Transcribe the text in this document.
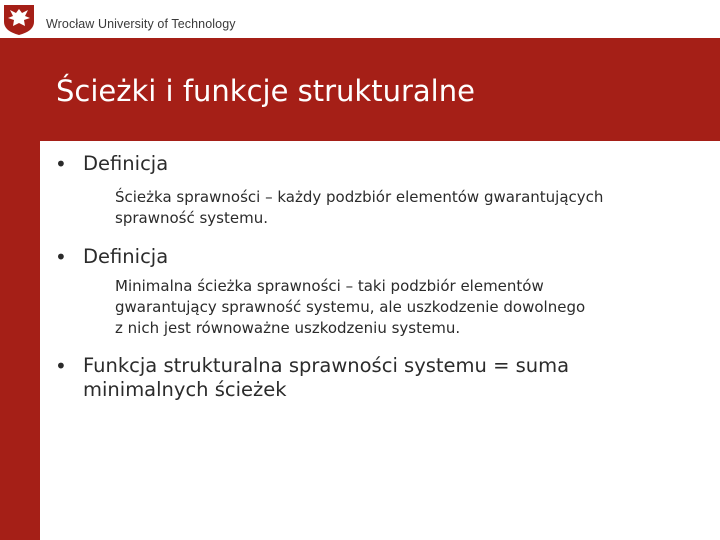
Wrocław University of Technology
Ścieżki i funkcje strukturalne
• Definicja
Ścieżka sprawności – każdy podzbiór elementów gwarantujących
sprawność systemu.
• Definicja
Minimalna ścieżka sprawności – taki podzbiór elementów
gwarantujący sprawność systemu, ale uszkodzenie dowolnego
z nich jest równoważne uszkodzeniu systemu.
• Funkcja strukturalna sprawności systemu = suma
minimalnych ścieżek
